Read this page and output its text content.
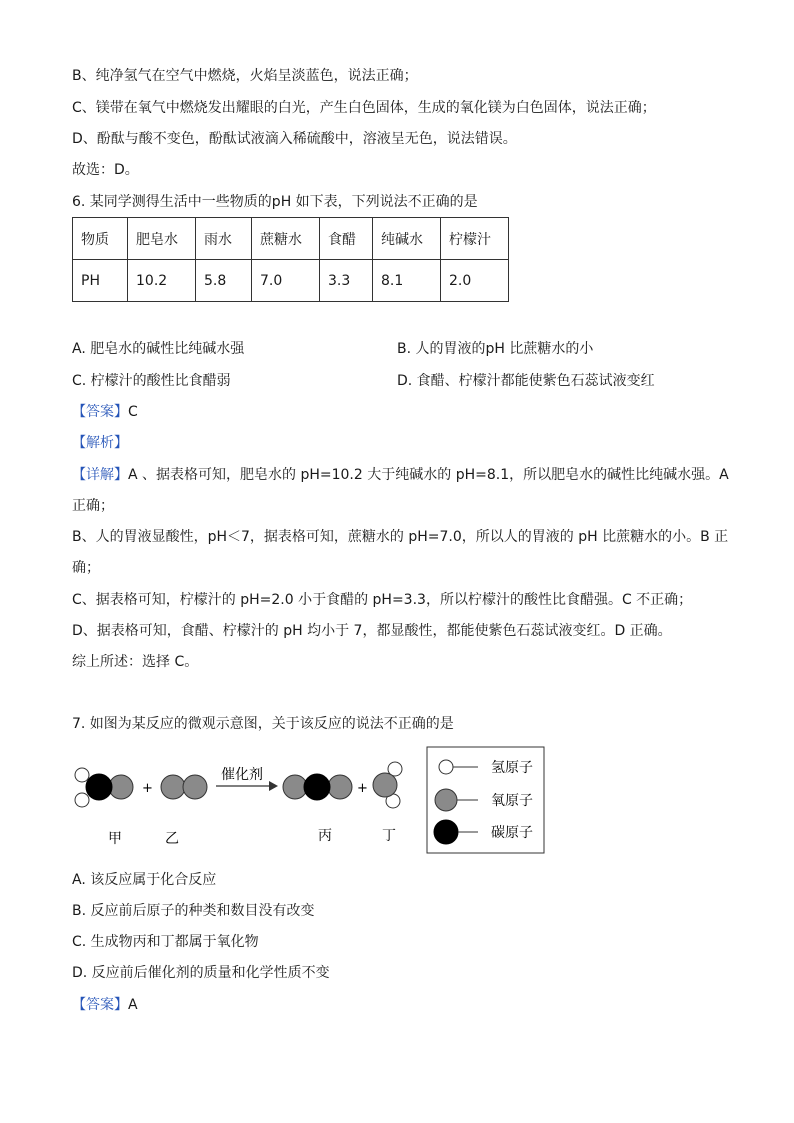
B、纯净氢气在空气中燃烧，火焰呈淡蓝色，说法正确；
C、镁带在氧气中燃烧发出耀眼的白光，产生白色固体，生成的氧化镁为白色固体，说法正确；
D、酚酞与酸不变色，酚酞试液滴入稀硫酸中，溶液呈无色，说法错误。
故选：D。
6. 某同学测得生活中一些物质的pH 如下表，下列说法不正确的是
物质	肥皂水	雨水	蔗糖水	食醋	纯碱水	柠檬汁
PH	10.2	5.8	7.0	3.3	8.1	2.0
A. 肥皂水的碱性比纯碱水强	B. 人的胃液的pH 比蔗糖水的小
C. 柠檬汁的酸性比食醋弱	D. 食醋、柠檬汁都能使紫色石蕊试液变红
【答案】C
【解析】
【详解】A 、据表格可知，肥皂水的 pH=10.2 大于纯碱水的 pH=8.1，所以肥皂水的碱性比纯碱水强。A
正确；
B、人的胃液显酸性，pH＜7，据表格可知，蔗糖水的 pH=7.0，所以人的胃液的 pH 比蔗糖水的小。B 正
确；
C、据表格可知，柠檬汁的 pH=2.0 小于食醋的 pH=3.3，所以柠檬汁的酸性比食醋强。C 不正确；
D、据表格可知，食醋、柠檬汁的 pH 均小于 7，都显酸性，都能使紫色石蕊试液变红。D 正确。
综上所述：选择 C。
7. 如图为某反应的微观示意图，关于该反应的说法不正确的是
+
催化剂
+
甲	乙	丙	丁
氢原子
氧原子
碳原子
A. 该反应属于化合反应
B. 反应前后原子的种类和数目没有改变
C. 生成物丙和丁都属于氧化物
D. 反应前后催化剂的质量和化学性质不变
【答案】A
